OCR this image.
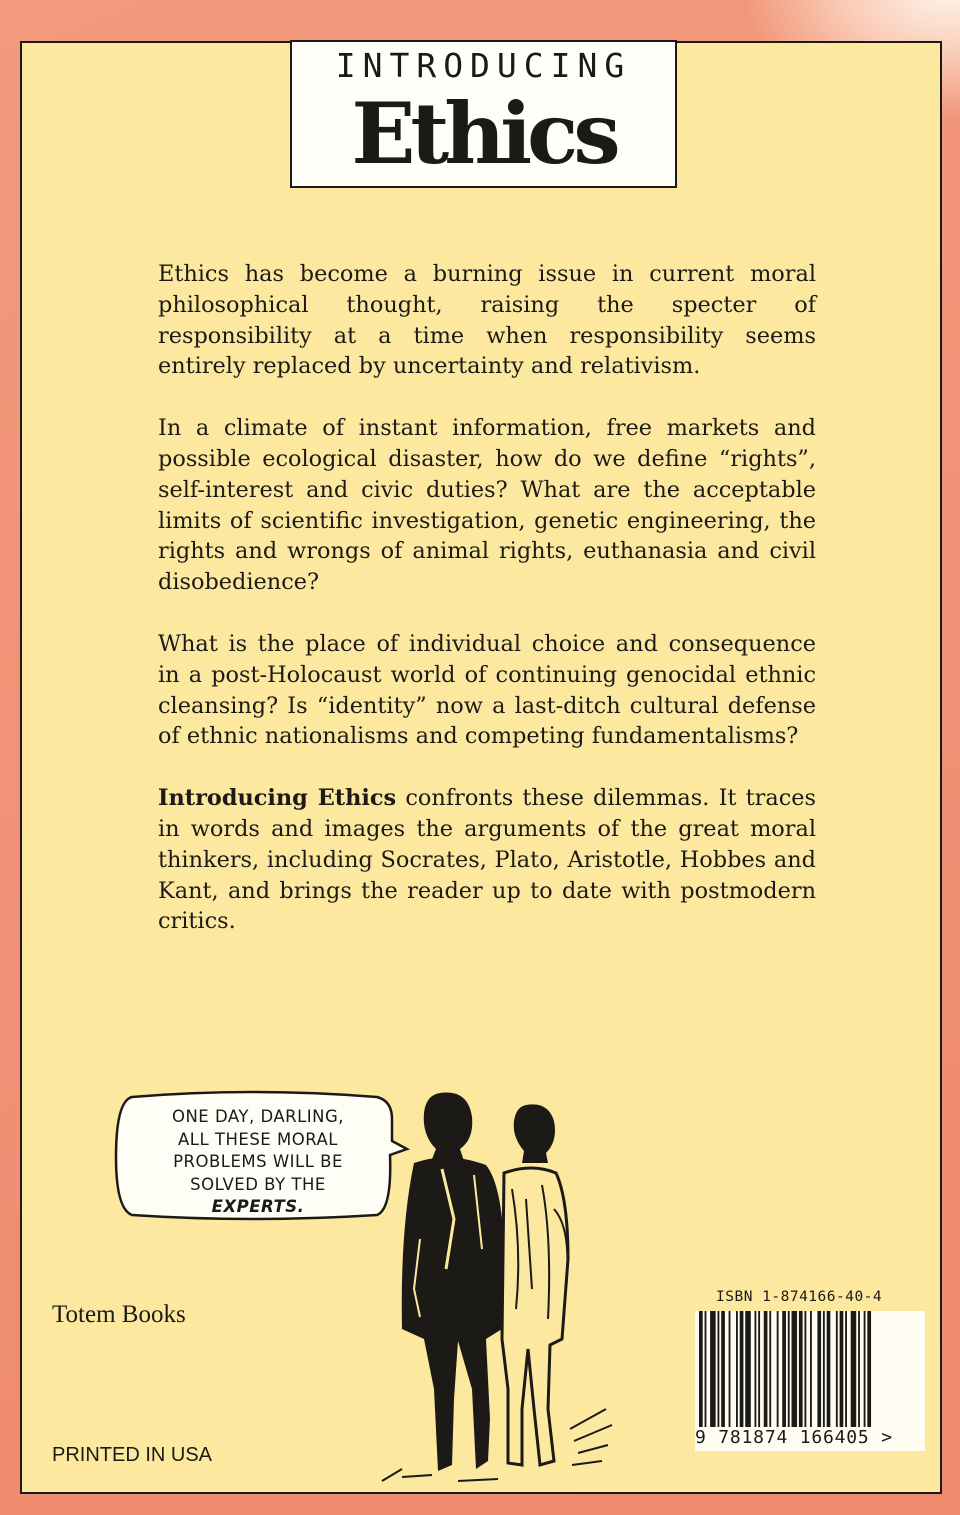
INTRODUCING
Ethics

Ethics has become a burning issue in current moral philosophical thought, raising the specter of responsibility at a time when responsibility seems entirely replaced by uncertainty and relativism.

In a climate of instant information, free markets and possible ecological disaster, how do we define “rights”, self-interest and civic duties? What are the acceptable limits of scientific investigation, genetic engineering, the rights and wrongs of animal rights, euthanasia and civil disobedience?

What is the place of individual choice and consequence in a post-Holocaust world of continuing genocidal ethnic cleansing? Is “identity” now a last-ditch cultural defense of ethnic nationalisms and competing fundamentalisms?

Introducing Ethics confronts these dilemmas. It traces in words and images the arguments of the great moral thinkers, including Socrates, Plato, Aristotle, Hobbes and Kant, and brings the reader up to date with postmodern critics.

ONE DAY, DARLING,
ALL THESE MORAL
PROBLEMS WILL BE
SOLVED BY THE
EXPERTS.
Totem Books
PRINTED IN USA
ISBN 1-874166-40-4
9 781874 166405 >
